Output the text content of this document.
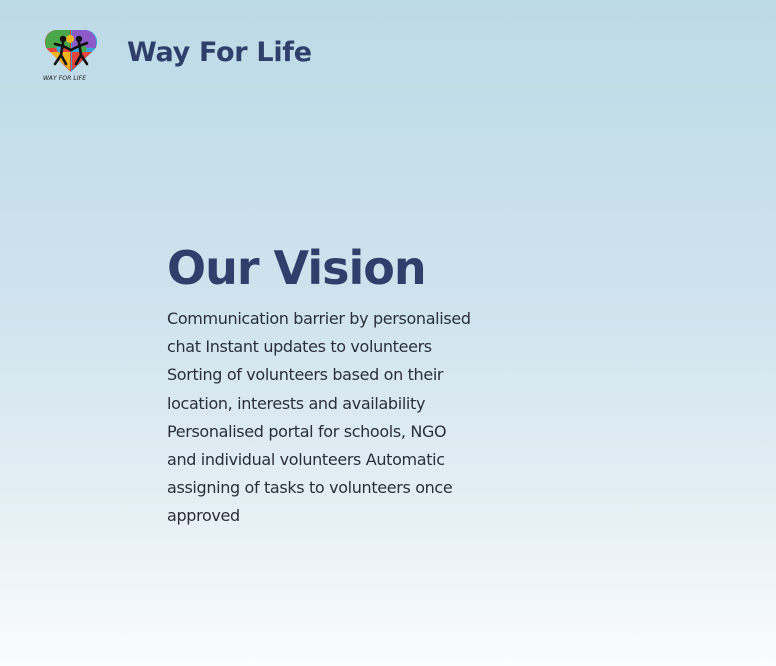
WAY FOR LIFE
Way For Life
Our Vision

Communication barrier by personalised chat Instant updates to volunteers Sorting of volunteers based on their location, interests and availability Personalised portal for schools, NGO and individual volunteers Automatic assigning of tasks to volunteers once approved
